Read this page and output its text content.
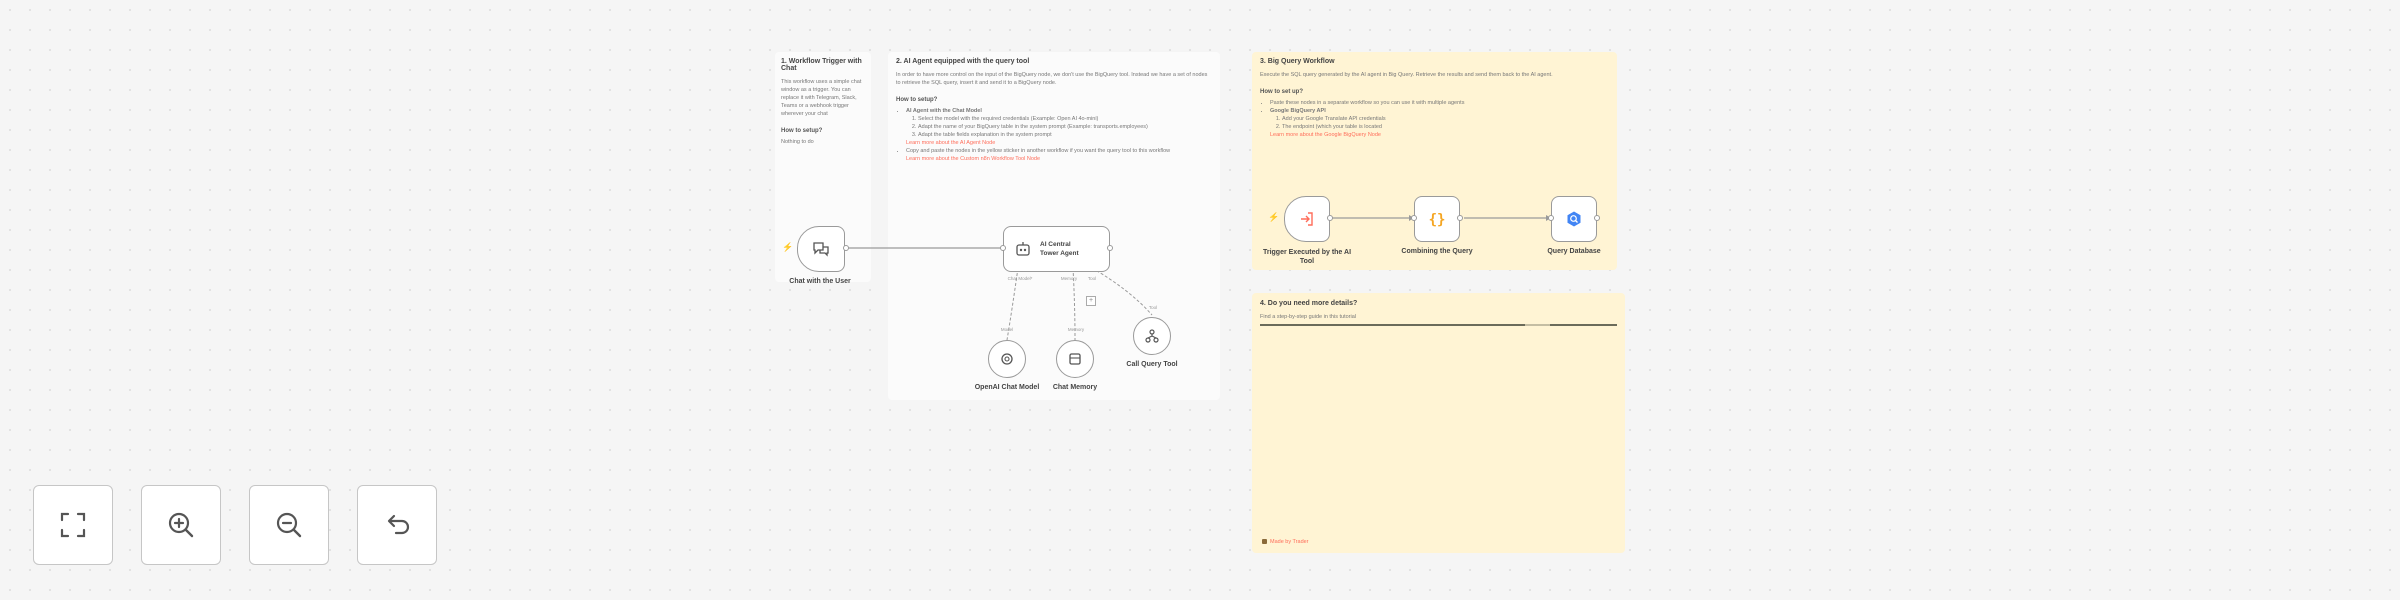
1. Workflow Trigger with Chat
This workflow uses a simple chat window as a trigger. You can replace it with Telegram, Slack, Teams or a webhook trigger wherever your chat
How to setup?
Nothing to do
2. AI Agent equipped with the query tool
In order to have more control on the input of the BigQuery node, we don't use the BigQuery tool. Instead we have a set of nodes to retrieve the SQL query, insert it and send it to a BigQuery node.
How to setup?
• AI Agent with the Chat Model
1. Select the model with the required credentials (Example: Open AI 4o-mini)
2. Adapt the name of your BigQuery table in the system prompt (Example: transports.employees)
3. Adapt the table fields explanation in the system prompt
Learn more about the AI Agent Node
• Copy and paste the nodes in the yellow sticker in another workflow if you want the query tool to this workflow
Learn more about the Custom n8n Workflow Tool Node
3. Big Query Workflow
Execute the SQL query generated by the AI agent in Big Query. Retrieve the results and send them back to the AI agent.
How to set up?
• Paste these nodes in a separate workflow so you can use it with multiple agents
• Google BigQuery API
1. Add your Google Translate API credentials
2. The endpoint (which your table is located
Learn more about the Google BigQuery Node
4. Do you need more details?
Find a step-by-step guide in this tutorial
Made by Trader
⚡
Chat with the User
AI Central Tower Agent
Chat Model*	Memory Tool
+
Model
OpenAI Chat Model
Memory
Chat Memory
Tool
Call Query Tool
⚡
Trigger Executed by the AI Tool
{}
Combining the Query	Query Database
